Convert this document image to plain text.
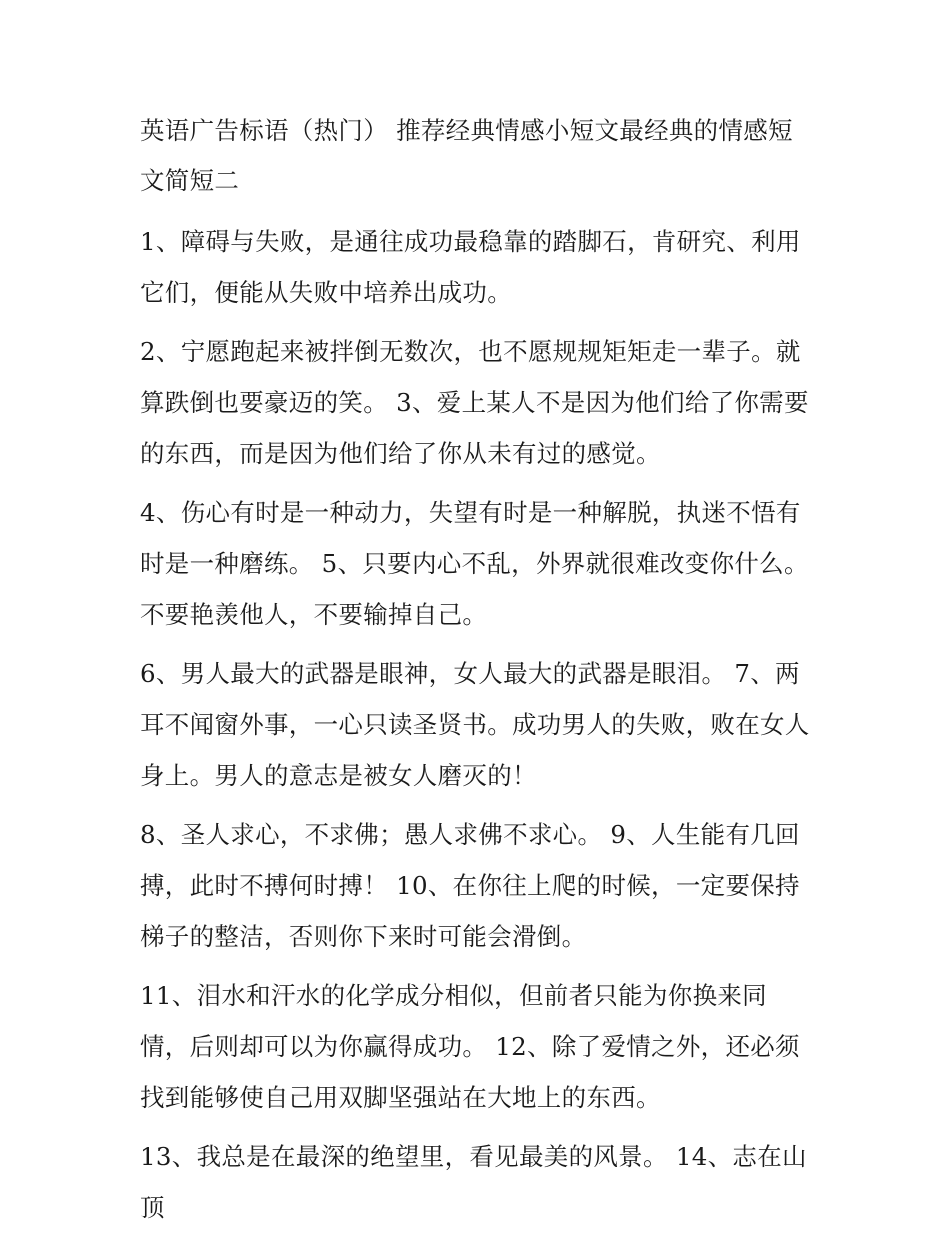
英语广告标语（热门） 推荐经典情感小短文最经典的情感短文简短二

1、障碍与失败，是通往成功最稳靠的踏脚石，肯研究、利用它们，便能从失败中培养出成功。

2、宁愿跑起来被拌倒无数次，也不愿规规矩矩走一辈子。就算跌倒也要豪迈的笑。 3、爱上某人不是因为他们给了你需要的东西，而是因为他们给了你从未有过的感觉。

4、伤心有时是一种动力，失望有时是一种解脱，执迷不悟有时是一种磨练。 5、只要内心不乱，外界就很难改变你什么。不要艳羡他人，不要输掉自己。

6、男人最大的武器是眼神，女人最大的武器是眼泪。 7、两耳不闻窗外事，一心只读圣贤书。成功男人的失败，败在女人身上。男人的意志是被女人磨灭的！

8、圣人求心，不求佛；愚人求佛不求心。 9、人生能有几回搏，此时不搏何时搏！ 10、在你往上爬的时候，一定要保持梯子的整洁，否则你下来时可能会滑倒。

11、泪水和汗水的化学成分相似，但前者只能为你换来同情，后则却可以为你赢得成功。 12、除了爱情之外，还必须找到能够使自己用双脚坚强站在大地上的东西。

13、我总是在最深的绝望里，看见最美的风景。 14、志在山顶
